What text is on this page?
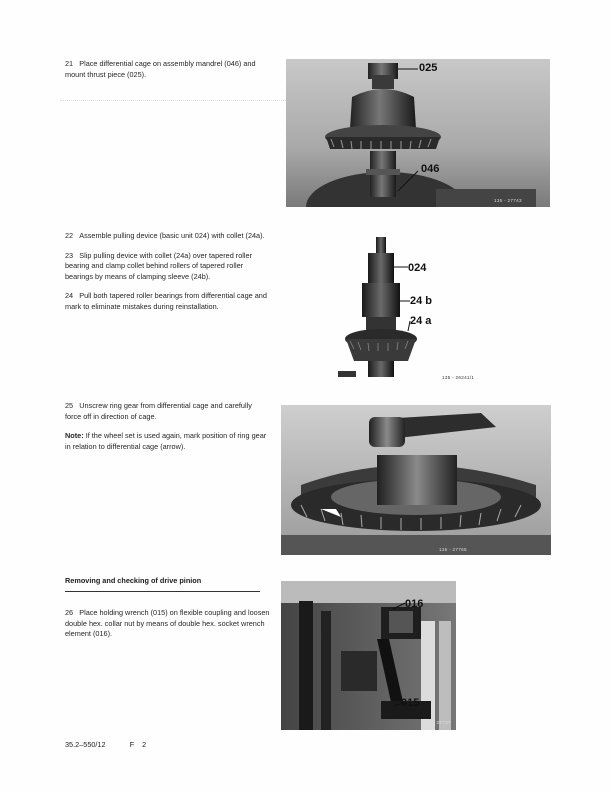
21 Place differential cage on assembly mandrel (046) and mount thrust piece (025).

025
046
135 - 27743

22 Assemble pulling device (basic unit 024) with collet (24a).

23 Slip pulling device with collet (24a) over tapered roller bearing and clamp collet behind rollers of tapered roller bearings by means of clamping sleeve (24b).

24 Pull both tapered roller bearings from differential cage and mark to eliminate mistakes during reinstallation.

024
24 b
24 a
135 - 26241/1

25 Unscrew ring gear from differential cage and carefully force off in direction of cage.

Note: If the wheel set is used again, mark position of ring gear in relation to differential cage (arrow).

135 - 27765
Removing and checking of drive pinion

26 Place holding wrench (015) on flexible coupling and loosen double hex. collar nut by means of double hex. socket wrench element (016).

016
015
135 - 27737
35.2–550/12	F 2
